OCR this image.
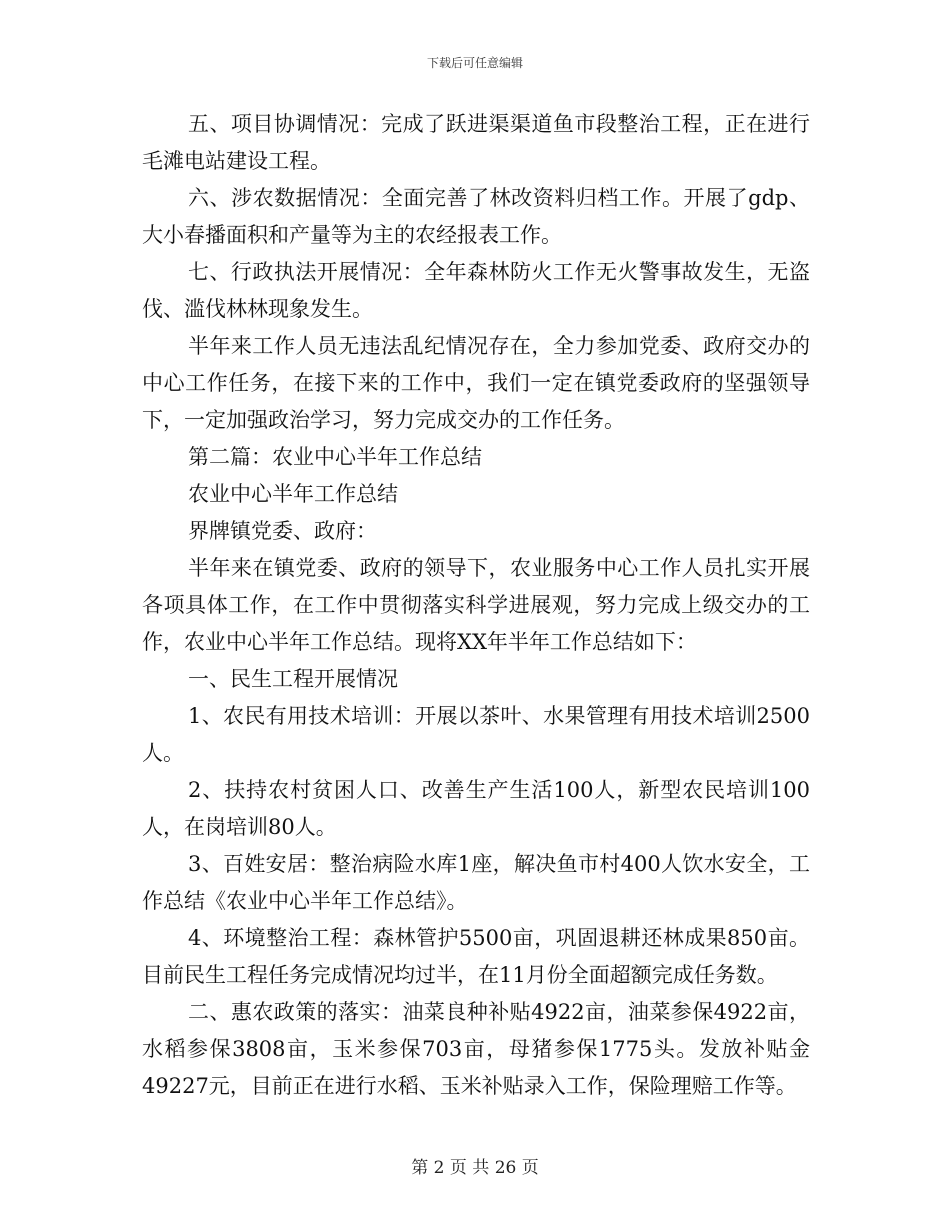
下载后可任意编辑

五、项目协调情况：完成了跃进渠渠道鱼市段整治工程，正在进行毛滩电站建设工程。

六、涉农数据情况：全面完善了林改资料归档工作。开展了gdp、大小春播面积和产量等为主的农经报表工作。

七、行政执法开展情况：全年森林防火工作无火警事故发生，无盗伐、滥伐林林现象发生。

半年来工作人员无违法乱纪情况存在，全力参加党委、政府交办的中心工作任务，在接下来的工作中，我们一定在镇党委政府的坚强领导下，一定加强政治学习，努力完成交办的工作任务。

第二篇：农业中心半年工作总结

农业中心半年工作总结

界牌镇党委、政府：

半年来在镇党委、政府的领导下，农业服务中心工作人员扎实开展各项具体工作，在工作中贯彻落实科学进展观，努力完成上级交办的工作，农业中心半年工作总结。现将XX年半年工作总结如下：

一、民生工程开展情况

1、农民有用技术培训：开展以茶叶、水果管理有用技术培训2500人。

2、扶持农村贫困人口、改善生产生活100人，新型农民培训100人，在岗培训80人。

3、百姓安居：整治病险水库1座，解决鱼市村400人饮水安全，工作总结《农业中心半年工作总结》。

4、环境整治工程：森林管护5500亩，巩固退耕还林成果850亩。目前民生工程任务完成情况均过半，在11月份全面超额完成任务数。

二、惠农政策的落实：油菜良种补贴4922亩，油菜参保4922亩，水稻参保3808亩，玉米参保703亩，母猪参保1775头。发放补贴金49227元，目前正在进行水稻、玉米补贴录入工作，保险理赔工作等。

第 2 页 共 26 页
